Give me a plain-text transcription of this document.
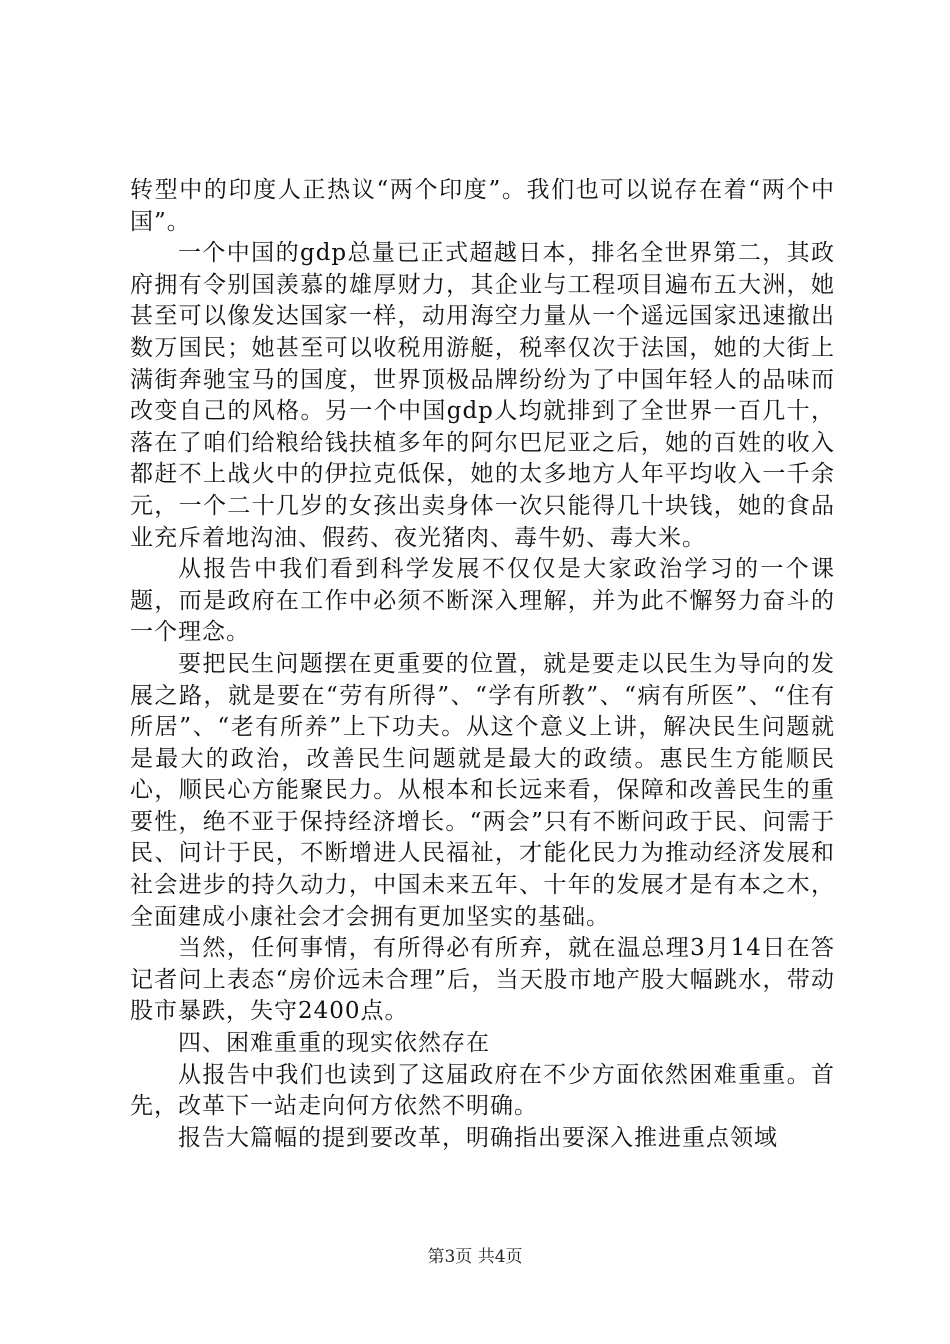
转型中的印度人正热议“两个印度”。我们也可以说存在着“两个中国”。

一个中国的gdp总量已正式超越日本，排名全世界第二，其政府拥有令别国羡慕的雄厚财力，其企业与工程项目遍布五大洲，她甚至可以像发达国家一样，动用海空力量从一个遥远国家迅速撤出数万国民；她甚至可以收税用游艇，税率仅次于法国，她的大街上满街奔驰宝马的国度，世界顶极品牌纷纷为了中国年轻人的品味而改变自己的风格。另一个中国gdp人均就排到了全世界一百几十，落在了咱们给粮给钱扶植多年的阿尔巴尼亚之后，她的百姓的收入都赶不上战火中的伊拉克低保，她的太多地方人年平均收入一千余元，一个二十几岁的女孩出卖身体一次只能得几十块钱，她的食品业充斥着地沟油、假药、夜光猪肉、毒牛奶、毒大米。

从报告中我们看到科学发展不仅仅是大家政治学习的一个课题，而是政府在工作中必须不断深入理解，并为此不懈努力奋斗的一个理念。

要把民生问题摆在更重要的位置，就是要走以民生为导向的发展之路，就是要在“劳有所得”、“学有所教”、“病有所医”、“住有所居”、“老有所养”上下功夫。从这个意义上讲，解决民生问题就是最大的政治，改善民生问题就是最大的政绩。惠民生方能顺民心，顺民心方能聚民力。从根本和长远来看，保障和改善民生的重要性，绝不亚于保持经济增长。“两会”只有不断问政于民、问需于民、问计于民，不断增进人民福祉，才能化民力为推动经济发展和社会进步的持久动力，中国未来五年、十年的发展才是有本之木，全面建成小康社会才会拥有更加坚实的基础。

当然，任何事情，有所得必有所弃，就在温总理3月14日在答记者问上表态“房价远未合理”后，当天股市地产股大幅跳水，带动股市暴跌，失守2400点。

四、困难重重的现实依然存在

从报告中我们也读到了这届政府在不少方面依然困难重重。首先，改革下一站走向何方依然不明确。

报告大篇幅的提到要改革，明确指出要深入推进重点领域

第3页 共4页
